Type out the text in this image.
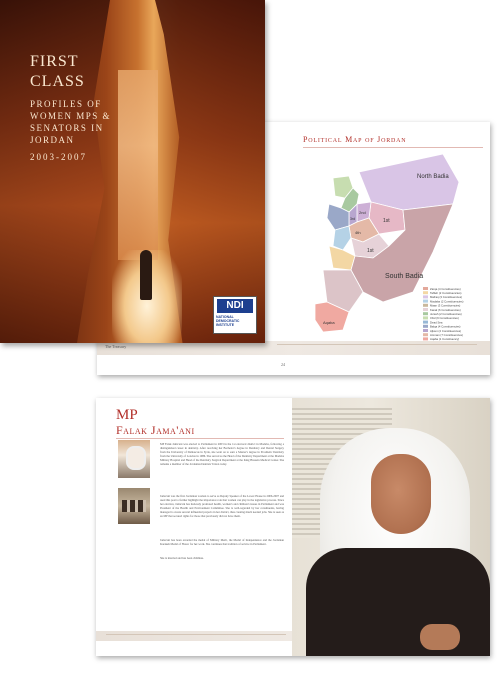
FIRST CLASS
PROFILES OF WOMEN MPS & SENATORS IN JORDAN
2003-2007
NDI
NATIONAL DEMOCRATIC INSTITUTE
Political Map of Jordan
North Badia
South Badia
Aqaba
1st
1st
2nd
3rd
4th
Zarqa (4 Constituencies)
Tafileh (2 Constituencies)
Mafraq (3 Constituencies)
Madaba (2 Constituencies)
Maan (3 Constituencies)
Karak (6 Constituencies)
Jerash (2 Constituencies)
Irbid (9 Constituencies)
Dead Sea
Balqa (4 Constituencies)
Ajloun (2 Constituencies)
Amman (7 Constituencies)
Aqaba (1 Constituency)
24
The Treasury
MP
Falak Jama'ani
MP Falak Jama'ani was elected to Parliament in 2003 in the 1st electoral district in Madaba, following a distinguished career in dentistry. After receiving her Bachelor's degree in Dentistry and Dental Surgery from the University of Damascus in Syria, she went on to earn a Master's degree in Prosthetic Dentistry from the University of London in 1986. She served as the Head of the Dentistry Department at the Madaba Military Hospital and Head of the Dentistry Surgical Department at the King Hussein Medical Center. She remains a member of the Jordanian Dentists' Union today.
Jama'ani was the first Jordanian woman to serve as Deputy Speaker of the Lower House in 2006-2007 and used this post to further highlight the importance role that women can play in the legislative process. Since her election, Jama'ani has tirelessly promoted health, women's and children's issues in Parliament and was President of the Health and Environment Committee. She is well-regarded by her constituents, having managed to create several influential projects in her district, thus creating much needed jobs. She is seen as an MP that secured rights for those that previously did not have them.
Jama'ani has been awarded the medal of Military Merit, the Medal of Independence and the Jordanian Karakeh Medal of Honor for her work. She continues that tradition of service in Parliament.
She is married and has been childless.
